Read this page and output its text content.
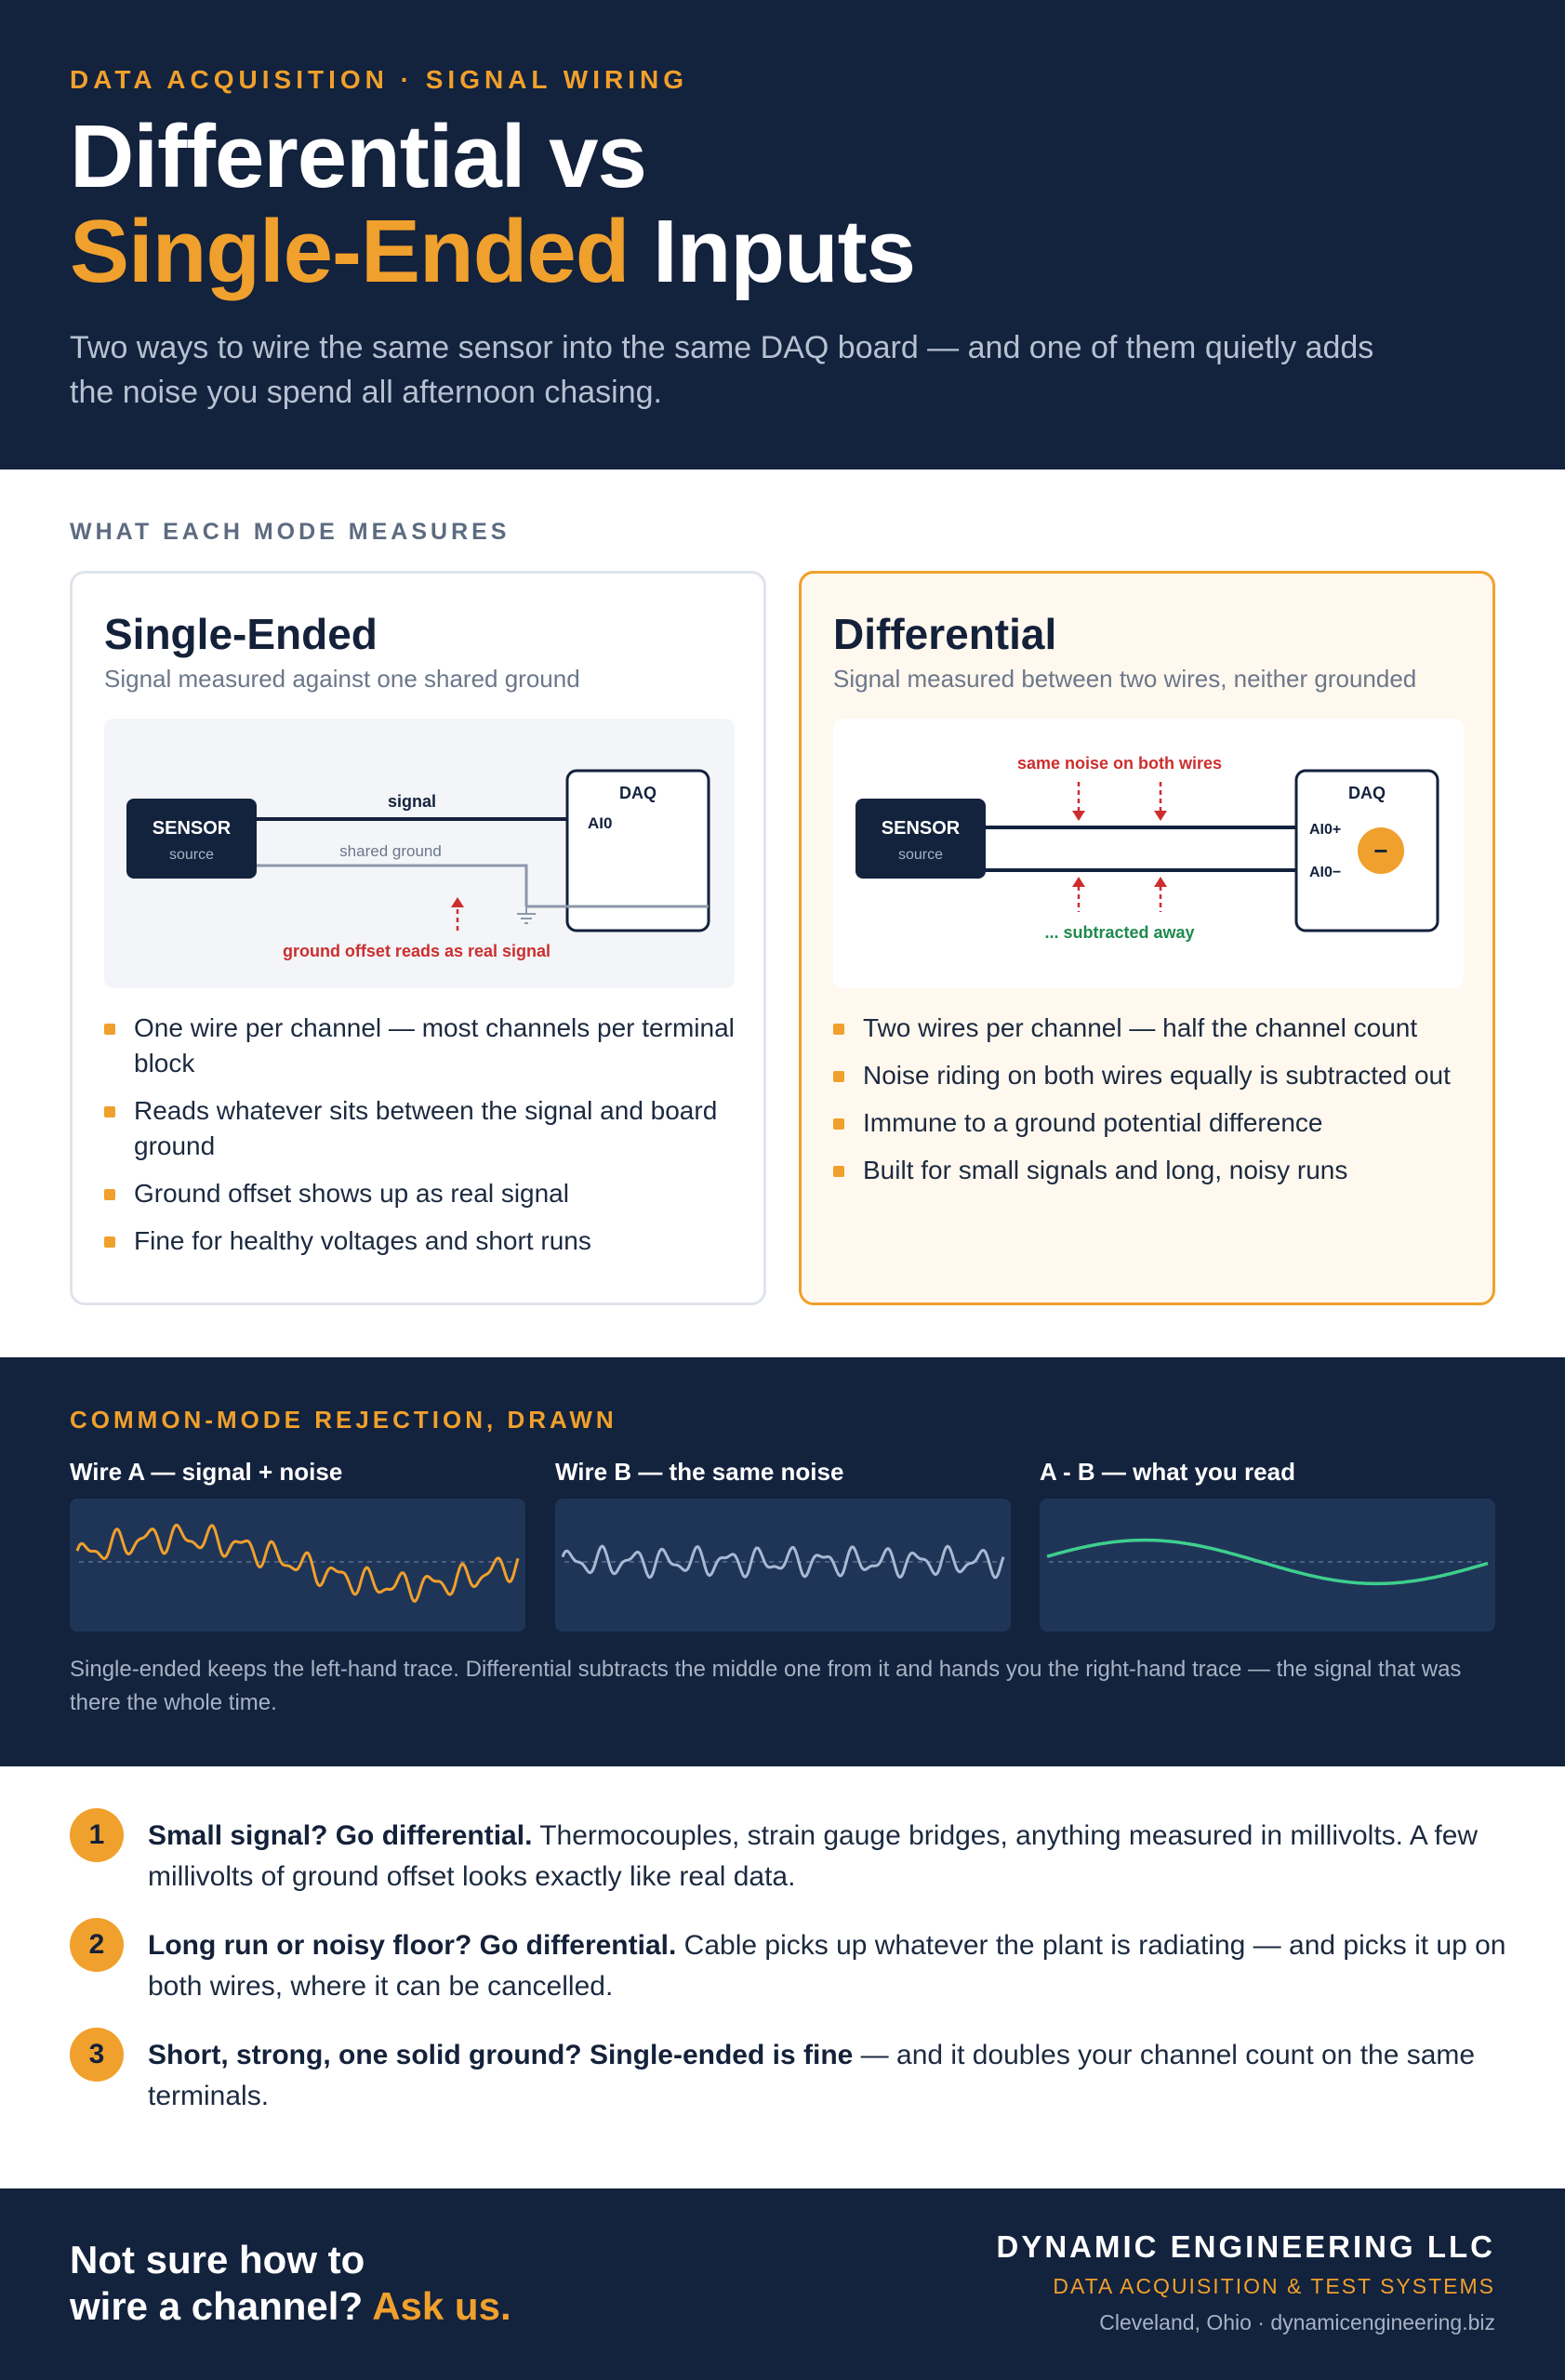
DATA ACQUISITION · SIGNAL WIRING
Differential vs
Single-Ended Inputs
Two ways to wire the same sensor into the same DAQ board — and one of them quietly adds the noise you spend all afternoon chasing.
WHAT EACH MODE MEASURES
Single-Ended
Signal measured against one shared ground
SENSOR
source
DAQ
AI0
signal
shared ground
ground offset reads as real signal
One wire per channel — most channels per terminal block
Reads whatever sits between the signal and board ground
Ground offset shows up as real signal
Fine for healthy voltages and short runs
Differential
Signal measured between two wires, neither grounded
same noise on both wires
SENSOR
source
DAQ
AI0+
AI0−
−
... subtracted away
Two wires per channel — half the channel count
Noise riding on both wires equally is subtracted out
Immune to a ground potential difference
Built for small signals and long, noisy runs
COMMON-MODE REJECTION, DRAWN
Wire A — signal + noise	Wire B — the same noise	A - B — what you read
Single-ended keeps the left-hand trace. Differential subtracts the middle one from it and hands you the right-hand trace — the signal that was there the whole time.
1	Small signal? Go differential. Thermocouples, strain gauge bridges, anything measured in millivolts. A few millivolts of ground offset looks exactly like real data.
2	Long run or noisy floor? Go differential. Cable picks up whatever the plant is radiating — and picks it up on both wires, where it can be cancelled.
3	Short, strong, one solid ground? Single-ended is fine — and it doubles your channel count on the same terminals.
Not sure how to
wire a channel? Ask us.
DYNAMIC ENGINEERING LLC
DATA ACQUISITION & TEST SYSTEMS
Cleveland, Ohio · dynamicengineering.biz
